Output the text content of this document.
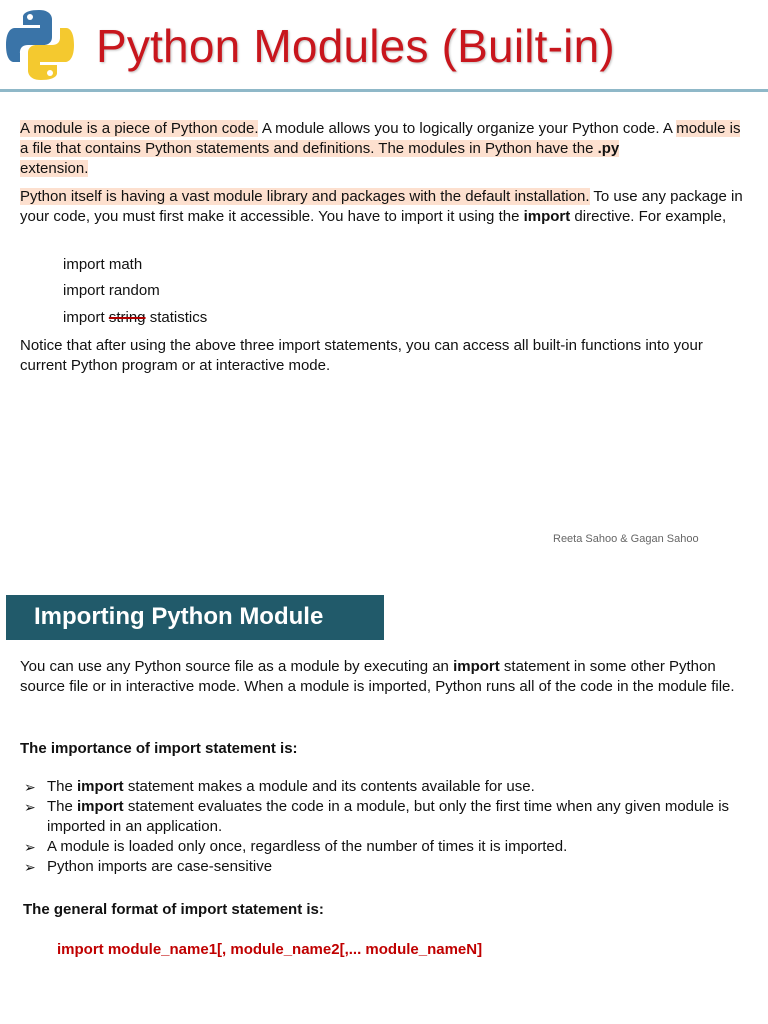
Python Modules (Built-in)

A module is a piece of Python code. A module allows you to logically organize your Python code. A module is a file that contains Python statements and definitions. The modules in Python have the .py
extension.

Python itself is having a vast module library and packages with the default installation. To use any package in your code, you must first make it accessible. You have to import it using the import directive. For example,

import math
import random
import string statistics

Notice that after using the above three import statements, you can access all built-in functions into your current Python program or at interactive mode.

Reeta Sahoo & Gagan Sahoo
Importing Python Module

You can use any Python source file as a module by executing an import statement in some other Python source file or in interactive mode. When a module is imported, Python runs all of the code in the module file.

The importance of import statement is:

➢ The import statement makes a module and its contents available for use.
➢ The import statement evaluates the code in a module, but only the first time when any given module is imported in an application.
➢ A module is loaded only once, regardless of the number of times it is imported.
➢ Python imports are case-sensitive

The general format of import statement is:

import module_name1[, module_name2[,... module_nameN]
